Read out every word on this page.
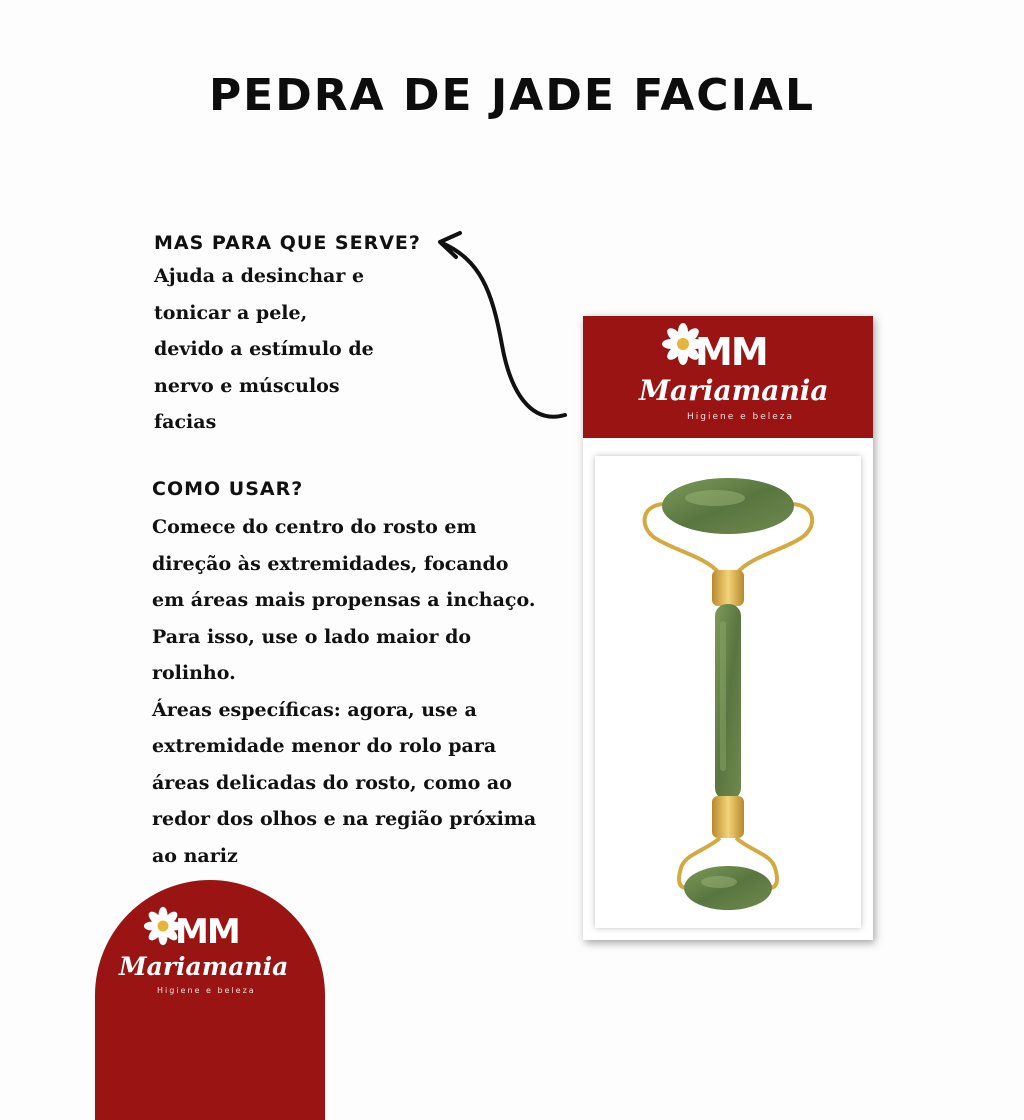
PEDRA DE JADE FACIAL
MAS PARA QUE SERVE?
Ajuda a desinchar e
tonicar a pele,
devido a estímulo de
nervo e músculos
facias
COMO USAR?
Comece do centro do rosto em
direção às extremidades, focando
em áreas mais propensas a inchaço.
Para isso, use o lado maior do
rolinho.
Áreas específicas: agora, use a
extremidade menor do rolo para
áreas delicadas do rosto, como ao
redor dos olhos e na região próxima
ao nariz
MM
Mariamania
Higiene e beleza
MM
Mariamania
Higiene e beleza
